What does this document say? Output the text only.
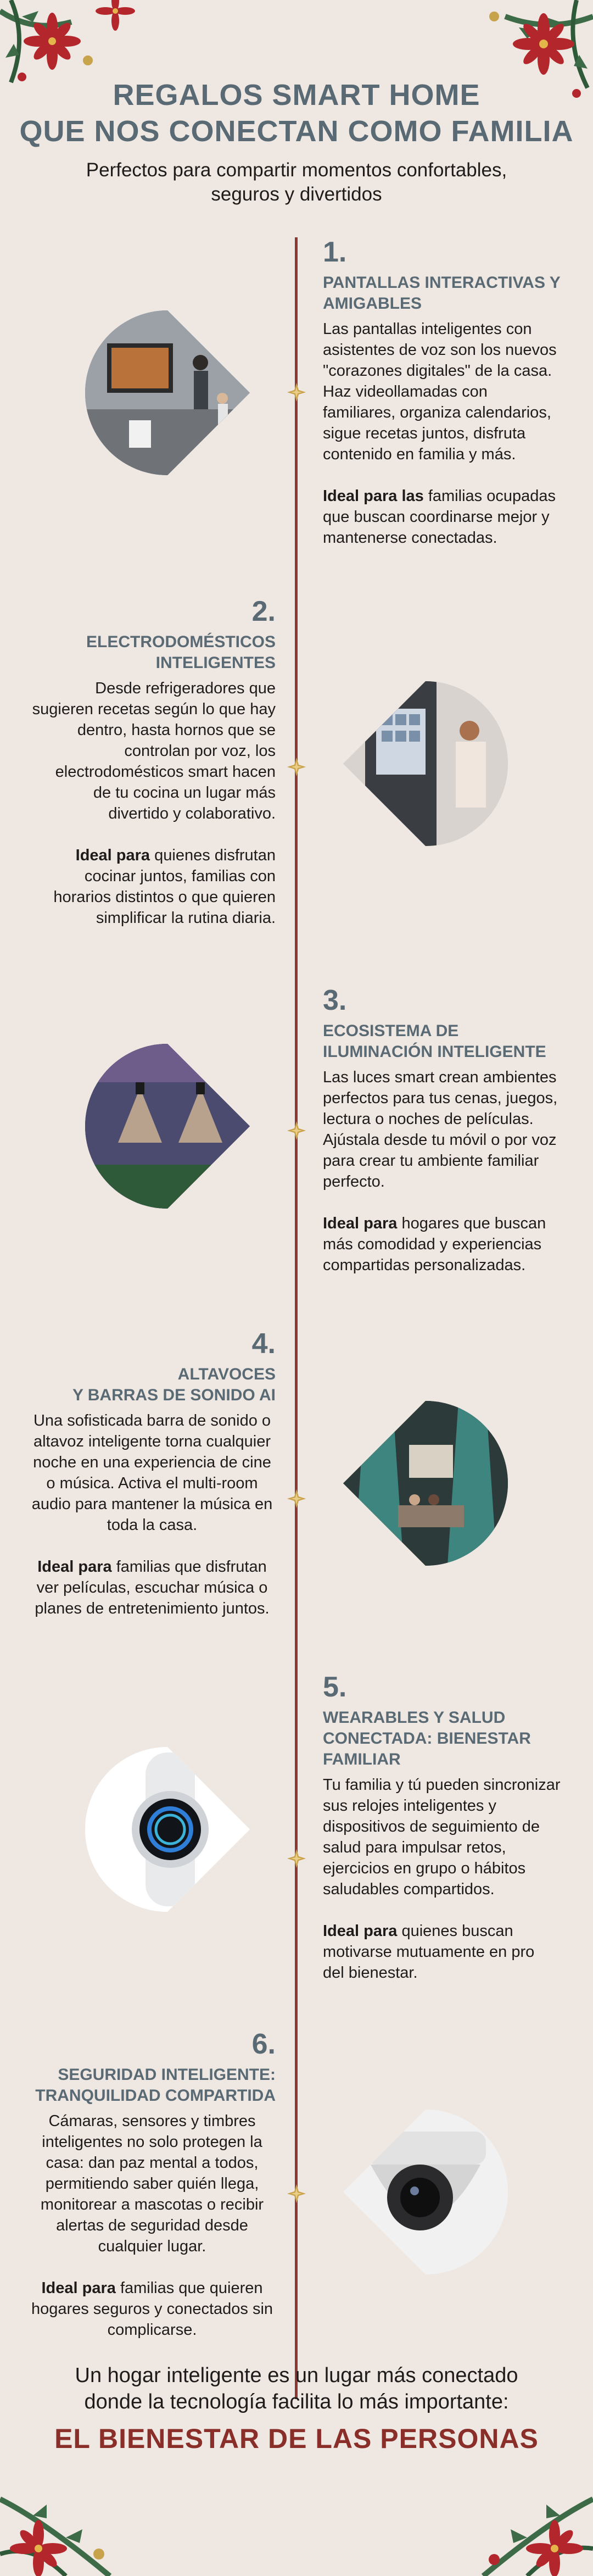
REGALOS SMART HOME
QUE NOS CONECTAN COMO FAMILIA
Perfectos para compartir momentos confortables,
seguros y divertidos
1.
PANTALLAS INTERACTIVAS Y
AMIGABLES
Las pantallas inteligentes con
asistentes de voz son los nuevos
"corazones digitales" de la casa.
Haz videollamadas con
familiares, organiza calendarios,
sigue recetas juntos, disfruta
contenido en familia y más.
Ideal para las familias ocupadas
que buscan coordinarse mejor y
mantenerse conectadas.
2.
ELECTRODOMÉSTICOS
INTELIGENTES
Desde refrigeradores que
sugieren recetas según lo que hay
dentro, hasta hornos que se
controlan por voz, los
electrodomésticos smart hacen
de tu cocina un lugar más
divertido y colaborativo.
Ideal para quienes disfrutan
cocinar juntos, familias con
horarios distintos o que quieren
simplificar la rutina diaria.
3.
ECOSISTEMA DE
ILUMINACIÓN INTELIGENTE
Las luces smart crean ambientes
perfectos para tus cenas, juegos,
lectura o noches de películas.
Ajústala desde tu móvil o por voz
para crear tu ambiente familiar
perfecto.
Ideal para hogares que buscan
más comodidad y experiencias
compartidas personalizadas.
4.
ALTAVOCES
Y BARRAS DE SONIDO AI
Una sofisticada barra de sonido o
altavoz inteligente torna cualquier
noche en una experiencia de cine
o música. Activa el multi-room
audio para mantener la música en
toda la casa.
Ideal para familias que disfrutan
ver películas, escuchar música o
planes de entretenimiento juntos.
5.
WEARABLES Y SALUD
CONECTADA: BIENESTAR
FAMILIAR
Tu familia y tú pueden sincronizar
sus relojes inteligentes y
dispositivos de seguimiento de
salud para impulsar retos,
ejercicios en grupo o hábitos
saludables compartidos.
Ideal para quienes buscan
motivarse mutuamente en pro
del bienestar.
6.
SEGURIDAD INTELIGENTE:
TRANQUILIDAD COMPARTIDA
Cámaras, sensores y timbres
inteligentes no solo protegen la
casa: dan paz mental a todos,
permitiendo saber quién llega,
monitorear a mascotas o recibir
alertas de seguridad desde
cualquier lugar.
Ideal para familias que quieren
hogares seguros y conectados sin
complicarse.
Un hogar inteligente es un lugar más conectado
donde la tecnología facilita lo más importante:
EL BIENESTAR DE LAS PERSONAS
